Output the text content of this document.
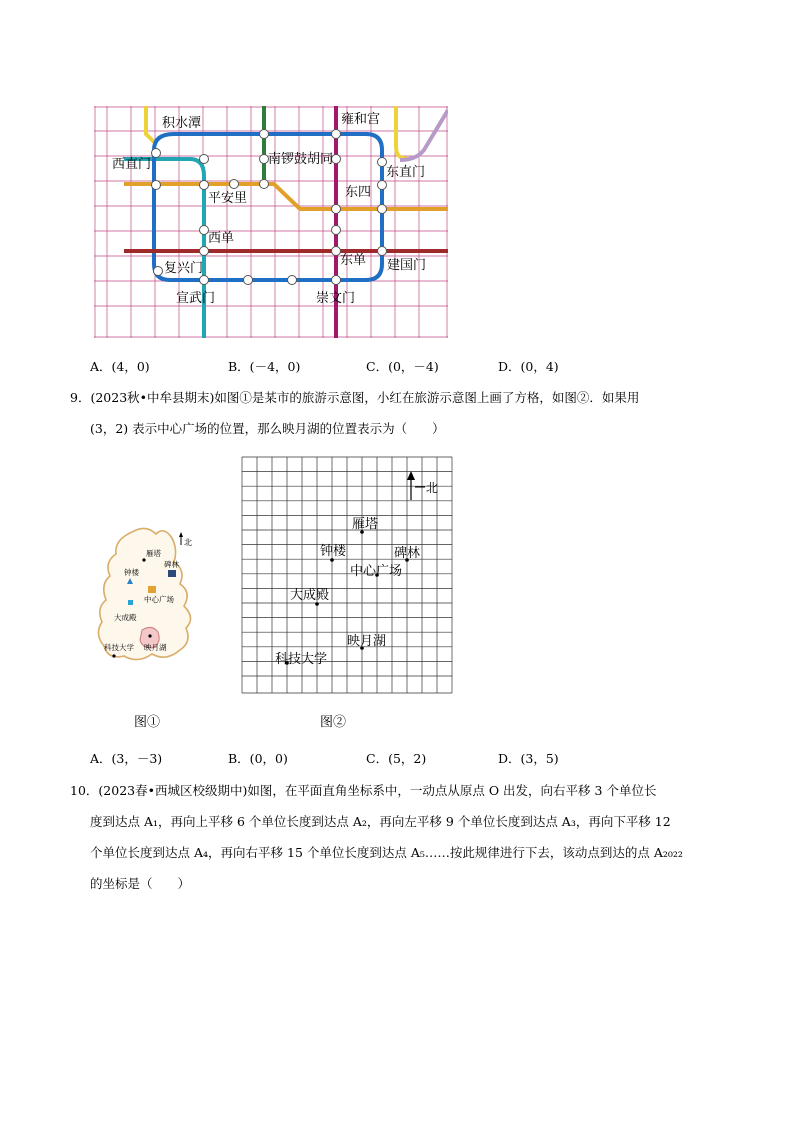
积水潭	雍和宫
西直门	南锣鼓胡同
东直门
平安里	东四
西单
复兴门
东单 建国门
宣武门	崇文门
A．(4，0)	B．(－4，0)	C．(0，－4)	D．(0，4)
9．(2023秋•中牟县期末)如图①是某市的旅游示意图，小红在旅游示意图上画了方格，如图②．如果用
(3，2) 表示中心广场的位置，那么映月湖的位置表示为（　　）
北
雁塔
钟楼
碑林
中心广场
大成殿
科技大学 映月湖
北
雁塔
钟楼	碑林
中心广场
大成殿
映月湖
科技大学
图①	图②
A．(3，－3)	B．(0，0)	C．(5，2)	D．(3，5)
10．(2023春•西城区校级期中)如图，在平面直角坐标系中，一动点从原点 O 出发，向右平移 3 个单位长
度到达点 A₁，再向上平移 6 个单位长度到达点 A₂，再向左平移 9 个单位长度到达点 A₃，再向下平移 12
个单位长度到达点 A₄，再向右平移 15 个单位长度到达点 A₅……按此规律进行下去，该动点到达的点 A₂₀₂₂
的坐标是（　　）
